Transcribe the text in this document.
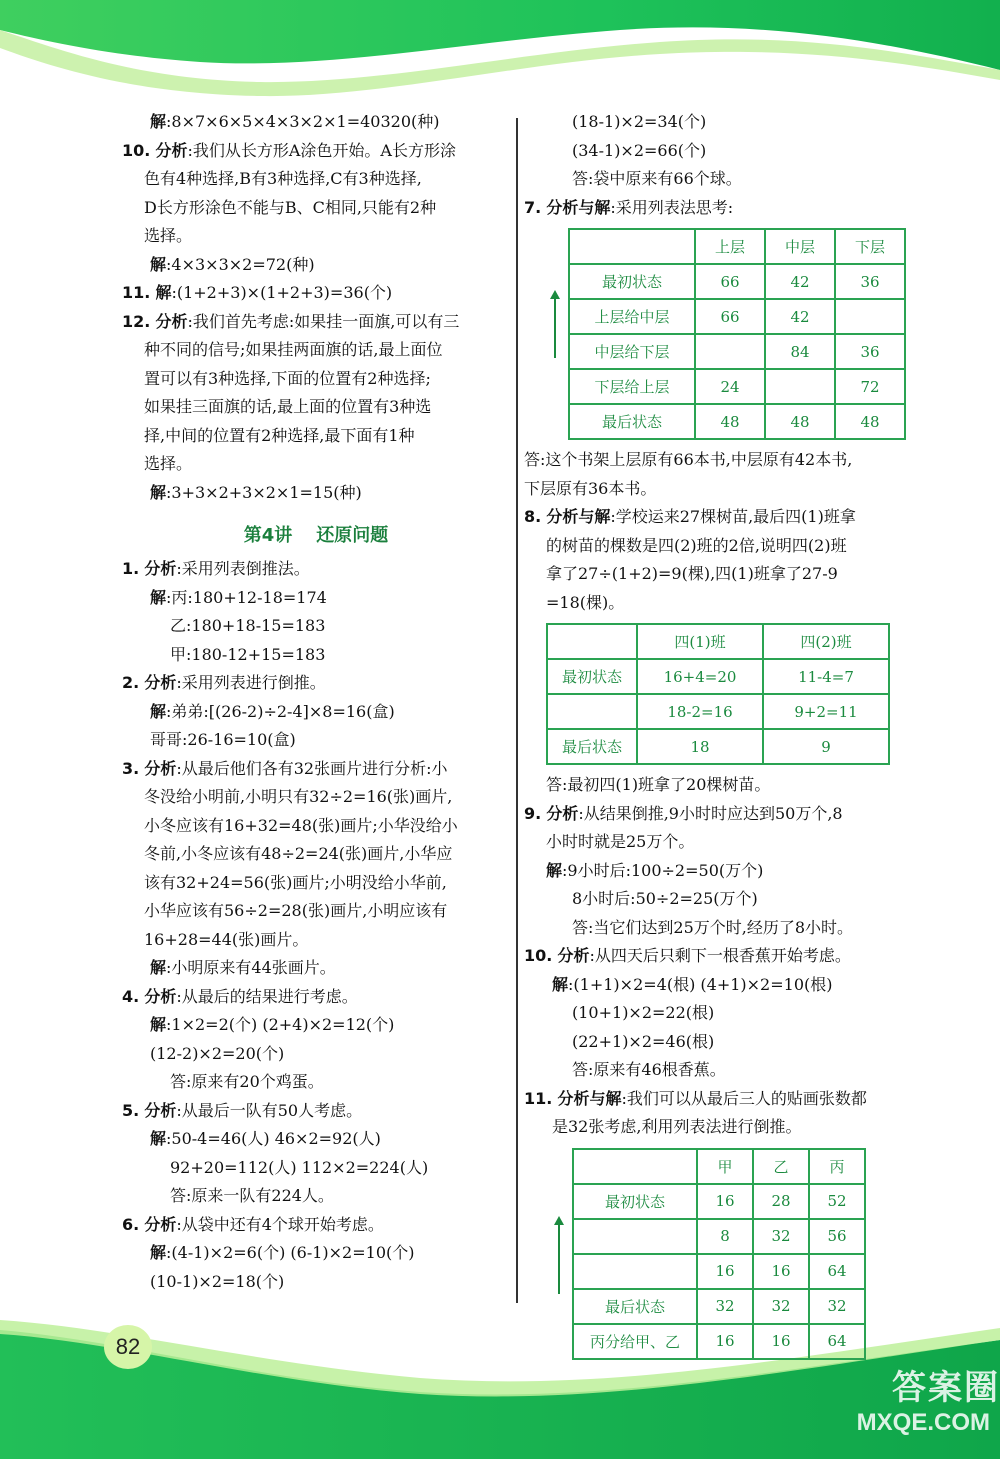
82
解:8×7×6×5×4×3×2×1=40320(种)
10. 分析:我们从长方形A涂色开始。A长方形涂
色有4种选择,B有3种选择,C有3种选择,
D长方形涂色不能与B、C相同,只能有2种
选择。
解:4×3×3×2=72(种)
11. 解:(1+2+3)×(1+2+3)=36(个)
12. 分析:我们首先考虑:如果挂一面旗,可以有三
种不同的信号;如果挂两面旗的话,最上面位
置可以有3种选择,下面的位置有2种选择;
如果挂三面旗的话,最上面的位置有3种选
择,中间的位置有2种选择,最下面有1种
选择。
解:3+3×2+3×2×1=15(种)
第4讲 还原问题
1. 分析:采用列表倒推法。
解:丙:180+12-18=174
乙:180+18-15=183
甲:180-12+15=183
2. 分析:采用列表进行倒推。
解:弟弟:[(26-2)÷2-4]×8=16(盒)
哥哥:26-16=10(盒)
3. 分析:从最后他们各有32张画片进行分析:小
冬没给小明前,小明只有32÷2=16(张)画片,
小冬应该有16+32=48(张)画片;小华没给小
冬前,小冬应该有48÷2=24(张)画片,小华应
该有32+24=56(张)画片;小明没给小华前,
小华应该有56÷2=28(张)画片,小明应该有
16+28=44(张)画片。
解:小明原来有44张画片。
4. 分析:从最后的结果进行考虑。
解:1×2=2(个) (2+4)×2=12(个)
(12-2)×2=20(个)
答:原来有20个鸡蛋。
5. 分析:从最后一队有50人考虑。
解:50-4=46(人) 46×2=92(人)
92+20=112(人) 112×2=224(人)
答:原来一队有224人。
6. 分析:从袋中还有4个球开始考虑。
解:(4-1)×2=6(个) (6-1)×2=10(个)
(10-1)×2=18(个)
(18-1)×2=34(个)
(34-1)×2=66(个)
答:袋中原来有66个球。
7. 分析与解:采用列表法思考:
	上层	中层	下层
最初状态	66	42	36
上层给中层	66	42	
中层给下层		84	36
下层给上层	24		72
最后状态	48	48	48
答:这个书架上层原有66本书,中层原有42本书,
下层原有36本书。
8. 分析与解:学校运来27棵树苗,最后四(1)班拿
的树苗的棵数是四(2)班的2倍,说明四(2)班
拿了27÷(1+2)=9(棵),四(1)班拿了27-9
=18(棵)。
	四(1)班	四(2)班
最初状态	16+4=20	11-4=7
	18-2=16	9+2=11
最后状态	18	9
答:最初四(1)班拿了20棵树苗。
9. 分析:从结果倒推,9小时时应达到50万个,8
小时时就是25万个。
解:9小时后:100÷2=50(万个)
8小时后:50÷2=25(万个)
答:当它们达到25万个时,经历了8小时。
10. 分析:从四天后只剩下一根香蕉开始考虑。
解:(1+1)×2=4(根) (4+1)×2=10(根)
(10+1)×2=22(根)
(22+1)×2=46(根)
答:原来有46根香蕉。
11. 分析与解:我们可以从最后三人的贴画张数都
是32张考虑,利用列表法进行倒推。
	甲	乙	丙
最初状态	16	28	52
	8	32	56
	16	16	64
最后状态	32	32	32
丙分给甲、乙	16	16	64
答案圈
MXQE.COM
